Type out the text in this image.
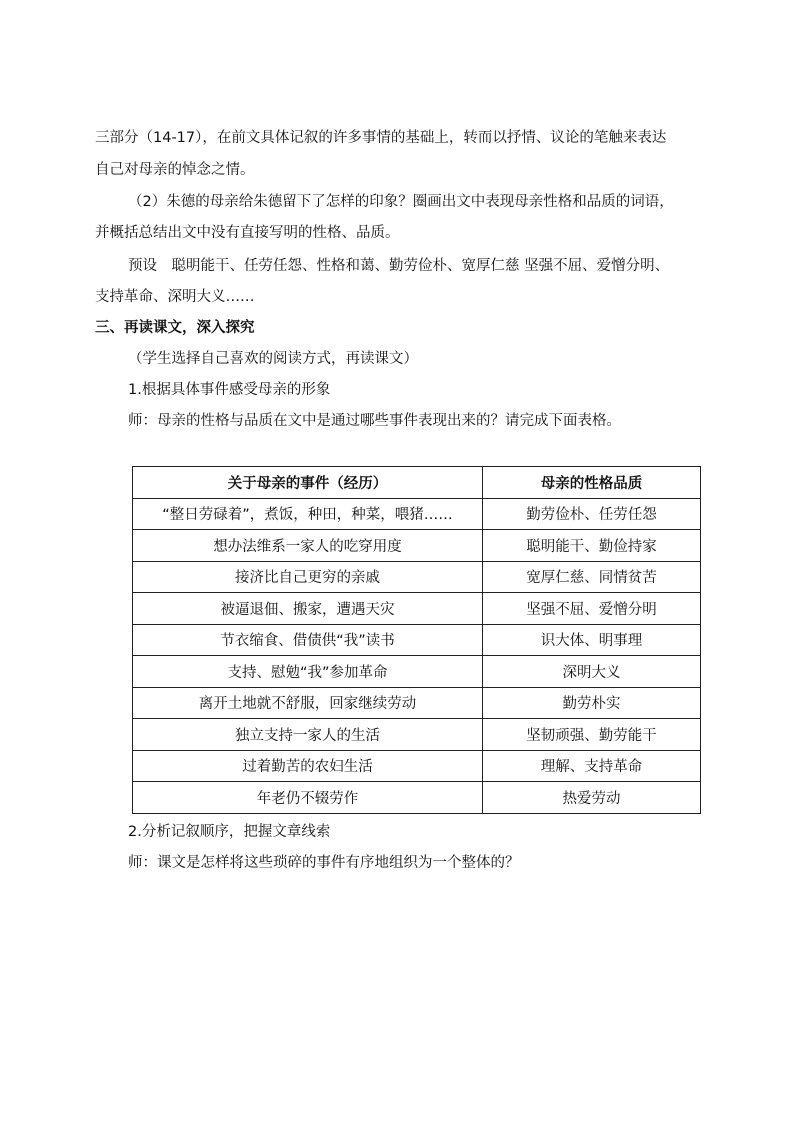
三部分（14-17），在前文具体记叙的许多事情的基础上，转而以抒情、议论的笔触来表达
自己对母亲的悼念之情。
（2）朱德的母亲给朱德留下了怎样的印象？圈画出文中表现母亲性格和品质的词语，
并概括总结出文中没有直接写明的性格、品质。
预设　聪明能干、任劳任怨、性格和蔼、勤劳俭朴、宽厚仁慈 坚强不屈、爱憎分明、
支持革命、深明大义……
三、再读课文，深入探究
（学生选择自己喜欢的阅读方式，再读课文）
1.根据具体事件感受母亲的形象
师：母亲的性格与品质在文中是通过哪些事件表现出来的？请完成下面表格。
关于母亲的事件（经历）	母亲的性格品质
“整日劳碌着”，煮饭，种田，种菜，喂猪……	勤劳俭朴、任劳任怨
想办法维系一家人的吃穿用度	聪明能干、勤俭持家
接济比自己更穷的亲戚	宽厚仁慈、同情贫苦
被逼退佃、搬家，遭遇天灾	坚强不屈、爱憎分明
节衣缩食、借债供“我”读书	识大体、明事理
支持、慰勉“我”参加革命	深明大义
离开土地就不舒服，回家继续劳动	勤劳朴实
独立支持一家人的生活	坚韧顽强、勤劳能干
过着勤苦的农妇生活	理解、支持革命
年老仍不辍劳作	热爱劳动
2.分析记叙顺序，把握文章线索
师：课文是怎样将这些琐碎的事件有序地组织为一个整体的？
